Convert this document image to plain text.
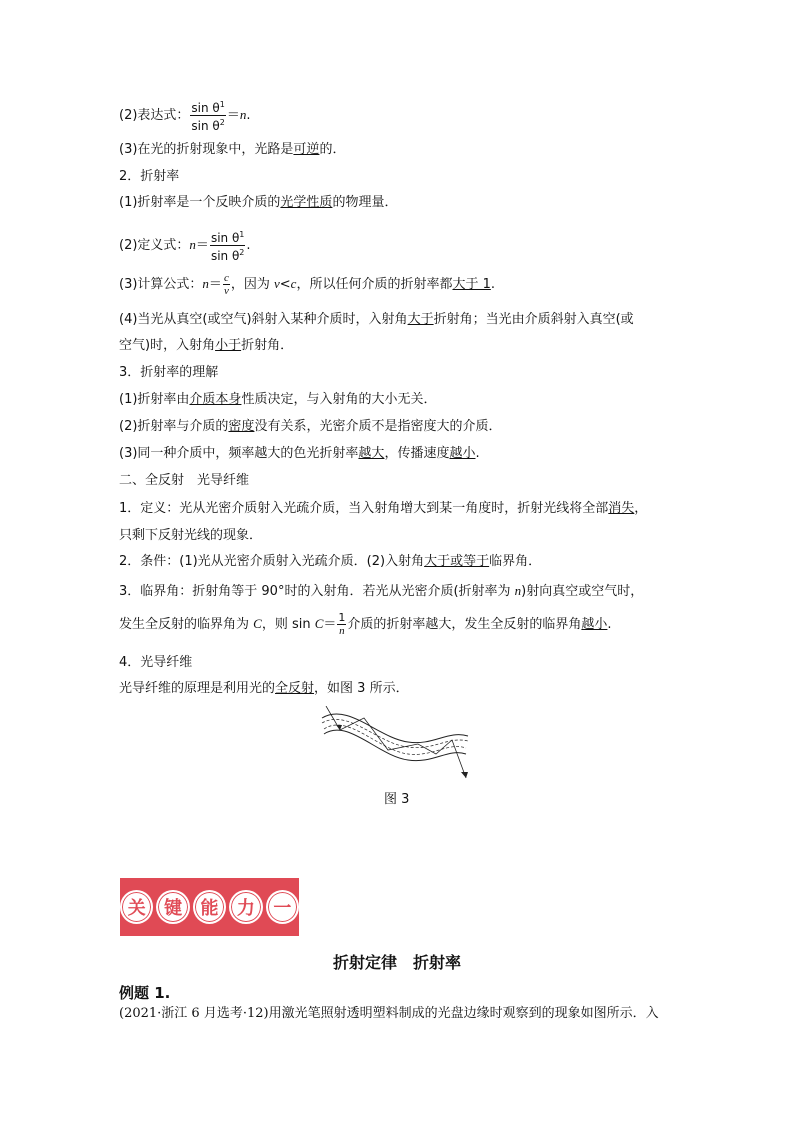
(2)表达式： $\frac{\sin \theta^1}{\sin \theta^2} =n$.
(3)在光的折射现象中，光路是可逆的．
2．折射率
(1)折射率是一个反映介质的光学性质的物理量．
(2)定义式：$n= \frac{\sin \theta^1}{\sin \theta^2}$ .
(3)计算公式：$n= \frac{c}{v}$ ，因为 v<c，所以任何介质的折射率都大于 1.
(4)当光从真空(或空气)斜射入某种介质时，入射角大于折射角；当光由介质斜射入真空(或
空气)时，入射角小于折射角．
3．折射率的理解
(1)折射率由介质本身性质决定，与入射角的大小无关．
(2)折射率与介质的密度没有关系，光密介质不是指密度大的介质．
(3)同一种介质中，频率越大的色光折射率越大，传播速度越小.
二、全反射　光导纤维
1．定义：光从光密介质射入光疏介质，当入射角增大到某一角度时，折射光线将全部消失，
只剩下反射光线的现象．
2．条件：(1)光从光密介质射入光疏介质．(2)入射角大于或等于临界角．
3．临界角：折射角等于 90°时的入射角．若光从光密介质(折射率为 n)射向真空或空气时，
发生全反射的临界角为 C，则 $\sin C= \frac{1}{n}$ 介质的折射率越大，发生全反射的临界角越小.
4．光导纤维
光导纤维的原理是利用光的全反射，如图 3 所示．
图 3
关	键	能	力	一
折射定律　折射率
例题 1.
(2021·浙江 6 月选考·12)用激光笔照射透明塑料制成的光盘边缘时观察到的现象如图所示．入
